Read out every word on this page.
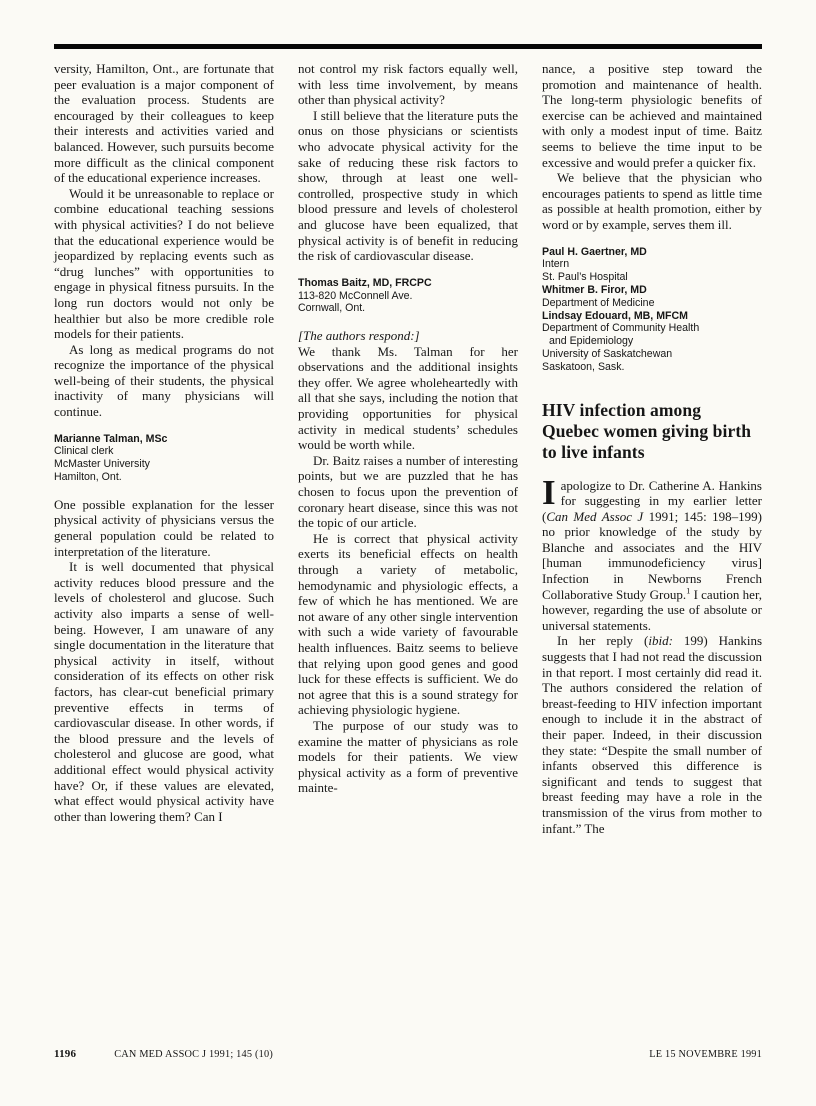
versity, Hamilton, Ont., are fortunate that peer evaluation is a major component of the evaluation process. Students are encouraged by their colleagues to keep their interests and activities varied and balanced. However, such pursuits become more difficult as the clinical component of the educational experience increases.

Would it be unreasonable to replace or combine educational teaching sessions with physical activities? I do not believe that the educational experience would be jeopardized by replacing events such as “drug lunches” with opportunities to engage in physical fitness pursuits. In the long run doctors would not only be healthier but also be more credible role models for their patients.

As long as medical programs do not recognize the importance of the physical well-being of their students, the physical inactivity of many physicians will continue.

Marianne Talman, MSc
Clinical clerk
McMaster University
Hamilton, Ont.

One possible explanation for the lesser physical activity of physicians versus the general population could be related to interpretation of the literature.

It is well documented that physical activity reduces blood pressure and the levels of cholesterol and glucose. Such activity also imparts a sense of well-being. However, I am unaware of any single documentation in the literature that physical activity in itself, without consideration of its effects on other risk factors, has clear-cut beneficial primary preventive effects in terms of cardiovascular disease. In other words, if the blood pressure and the levels of cholesterol and glucose are good, what additional effect would physical activity have? Or, if these values are elevated, what effect would physical activity have other than lowering them? Can I

not control my risk factors equally well, with less time involvement, by means other than physical activity?

I still believe that the literature puts the onus on those physicians or scientists who advocate physical activity for the sake of reducing these risk factors to show, through at least one well-controlled, prospective study in which blood pressure and levels of cholesterol and glucose have been equalized, that physical activity is of benefit in reducing the risk of cardiovascular disease.

Thomas Baitz, MD, FRCPC
113-820 McConnell Ave.
Cornwall, Ont.

[The authors respond:]

We thank Ms. Talman for her observations and the additional insights they offer. We agree wholeheartedly with all that she says, including the notion that providing opportunities for physical activity in medical students’ schedules would be worth while.

Dr. Baitz raises a number of interesting points, but we are puzzled that he has chosen to focus upon the prevention of coronary heart disease, since this was not the topic of our article.

He is correct that physical activity exerts its beneficial effects on health through a variety of metabolic, hemodynamic and physiologic effects, a few of which he has mentioned. We are not aware of any other single intervention with such a wide variety of favourable health influences. Baitz seems to believe that relying upon good genes and good luck for these effects is sufficient. We do not agree that this is a sound strategy for achieving physiologic hygiene.

The purpose of our study was to examine the matter of physicians as role models for their patients. We view physical activity as a form of preventive mainte-

nance, a positive step toward the promotion and maintenance of health. The long-term physiologic benefits of exercise can be achieved and maintained with only a modest input of time. Baitz seems to believe the time input to be excessive and would prefer a quicker fix.

We believe that the physician who encourages patients to spend as little time as possible at health promotion, either by word or by example, serves them ill.

Paul H. Gaertner, MD
Intern
St. Paul’s Hospital
Whitmer B. Firor, MD
Department of Medicine
Lindsay Edouard, MB, MFCM
Department of Community Health
and Epidemiology
University of Saskatchewan
Saskatoon, Sask.
HIV infection among Quebec women giving birth to live infants

Iapologize to Dr. Catherine A. Hankins for suggesting in my earlier letter (Can Med Assoc J 1991; 145: 198–199) no prior knowledge of the study by Blanche and associates and the HIV [human immunodeficiency virus] Infection in Newborns French Collaborative Study Group.$^1$ I caution her, however, regarding the use of absolute or universal statements.

In her reply (ibid: 199) Hankins suggests that I had not read the discussion in that report. I most certainly did read it. The authors considered the relation of breast-feeding to HIV infection important enough to include it in the abstract of their paper. Indeed, in their discussion they state: “Despite the small number of infants observed this difference is significant and tends to suggest that breast feeding may have a role in the transmission of the virus from mother to infant.” The

1196	CAN MED ASSOC J 1991; 145 (10)	LE 15 NOVEMBRE 1991
